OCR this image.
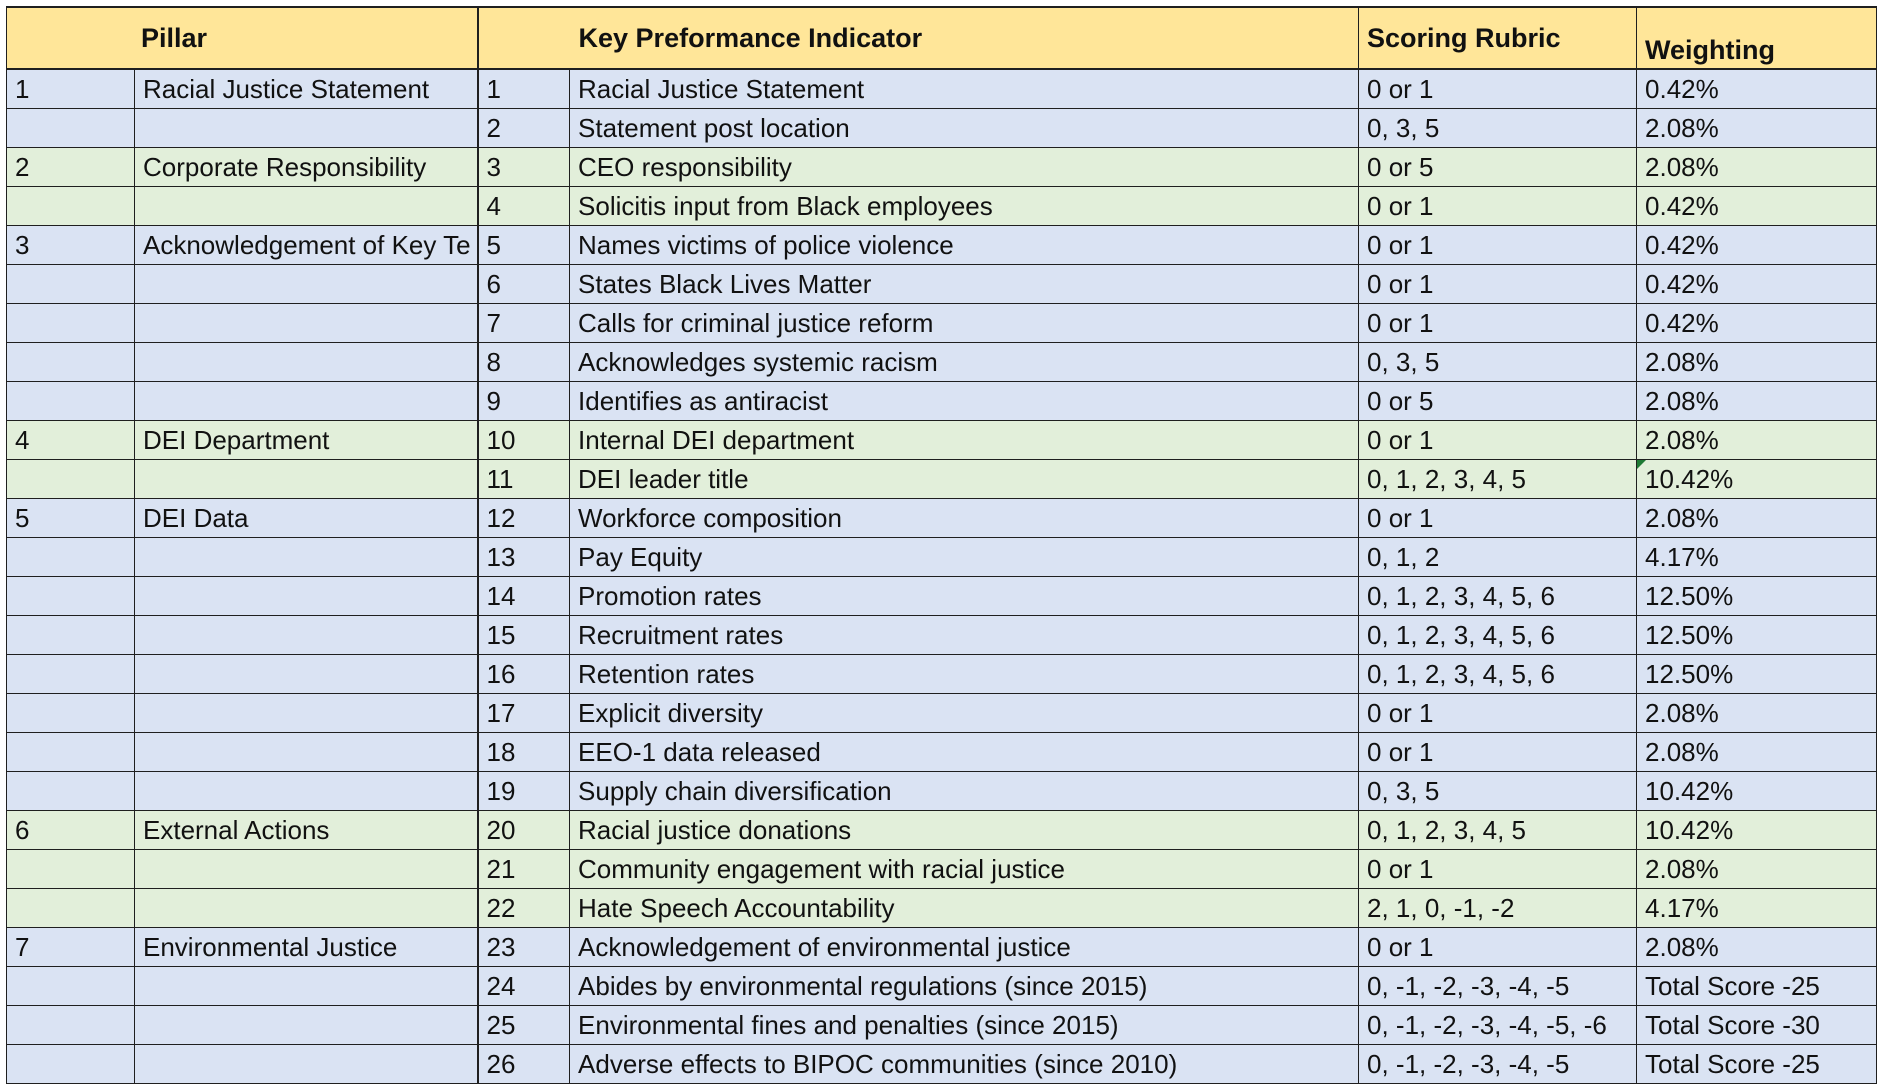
Pillar		Key Preformance Indicator		Scoring Rubric	Weighting
1	Racial Justice Statement	1	Racial Justice Statement	0 or 1	0.42%
		2	Statement post location	0, 3, 5	2.08%
2	Corporate Responsibility	3	CEO responsibility	0 or 5	2.08%
		4	Solicitis input from Black employees	0 or 1	0.42%
3	Acknowledgement of Key Te	5	Names victims of police violence	0 or 1	0.42%
		6	States Black Lives Matter	0 or 1	0.42%
		7	Calls for criminal justice reform	0 or 1	0.42%
		8	Acknowledges systemic racism	0, 3, 5	2.08%
		9	Identifies as antiracist	0 or 5	2.08%
4	DEI Department	10	Internal DEI department	0 or 1	2.08%
		11	DEI leader title	0, 1, 2, 3, 4, 5	10.42%

5	DEI Data	12	Workforce composition	0 or 1	2.08%
		13	Pay Equity	0, 1, 2	4.17%
		14	Promotion rates	0, 1, 2, 3, 4, 5, 6	12.50%
		15	Recruitment rates	0, 1, 2, 3, 4, 5, 6	12.50%
		16	Retention rates	0, 1, 2, 3, 4, 5, 6	12.50%
		17	Explicit diversity	0 or 1	2.08%
		18	EEO-1 data released	0 or 1	2.08%
		19	Supply chain diversification	0, 3, 5	10.42%
6	External Actions	20	Racial justice donations	0, 1, 2, 3, 4, 5	10.42%
		21	Community engagement with racial justice	0 or 1	2.08%
		22	Hate Speech Accountability	2, 1, 0, -1, -2	4.17%
7	Environmental Justice	23	Acknowledgement of environmental justice	0 or 1	2.08%
		24	Abides by environmental regulations (since 2015)	0, -1, -2, -3, -4, -5	Total Score -25
		25	Environmental fines and penalties (since 2015)	0, -1, -2, -3, -4, -5, -6	Total Score -30
		26	Adverse effects to BIPOC communities (since 2010)	0, -1, -2, -3, -4, -5	Total Score -25
